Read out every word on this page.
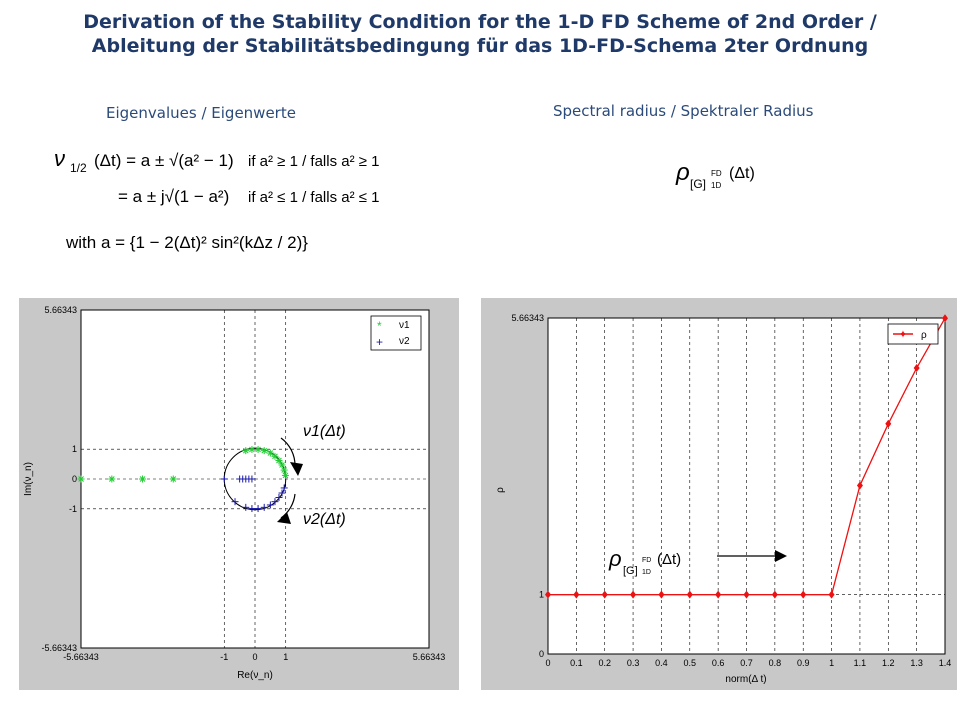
Derivation of the Stability Condition for the 1-D FD Scheme of 2nd Order /
Ableitung der Stabilitätsbedingung für das 1D-FD-Schema 2ter Ordnung
Eigenvalues / Eigenwerte	Spectral radius / Spektraler Radius
ν 1/2 (Δt) = a ± √(a² − 1) if a² ≥ 1 / falls a² ≥ 1
= a ± j√(1 − a²) if a² ≤ 1 / falls a² ≤ 1
with a = {1 − 2(Δt)² sin²(kΔz / 2)}
ρ [G]
FD
1D
(Δt)
-5.66343	-1	0	1	5.66343
5.66343
1
0
-1
-5.66343
Re(ν_n)
Im(ν_n)
* ν1
+ ν2
ν1(Δt)
ν2(Δt)
0 0.1 0.2 0.3 0.4 0.5 0.6 0.7 0.8 0.9 1 1.1 1.2 1.3 1.4
5.66343
1
0
norm(Δ t)
ρ
✦ ρ
ρ [G]
FD
1D
(Δt)
